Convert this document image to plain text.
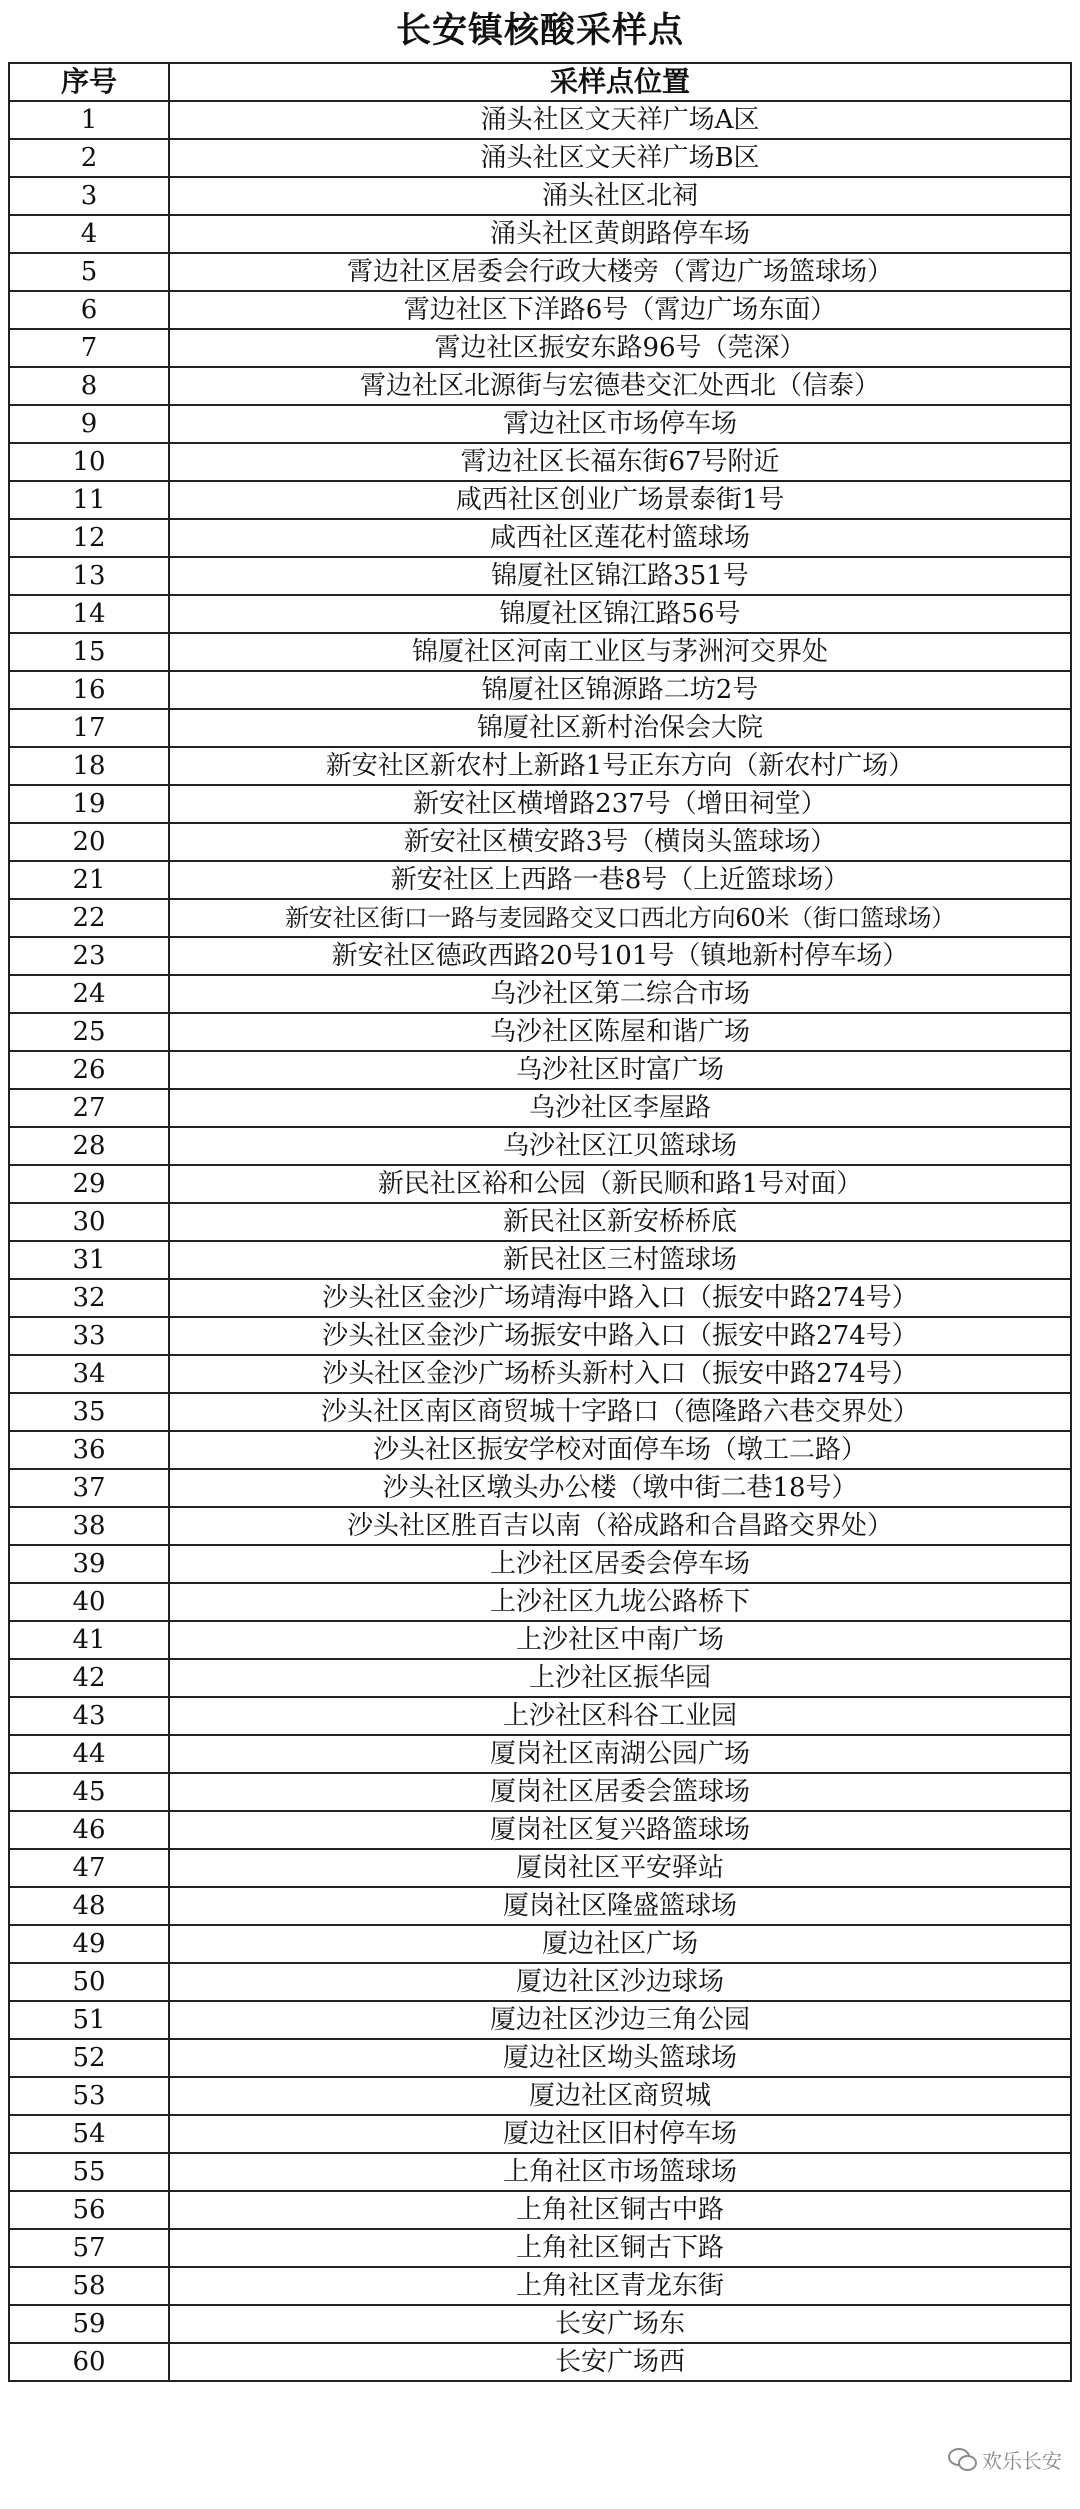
长安镇核酸采样点
序号	采样点位置
1	涌头社区文天祥广场A区
2	涌头社区文天祥广场B区
3	涌头社区北祠
4	涌头社区黄朗路停车场
5	霄边社区居委会行政大楼旁（霄边广场篮球场）
6	霄边社区下洋路6号（霄边广场东面）
7	霄边社区振安东路96号（莞深）
8	霄边社区北源街与宏德巷交汇处西北（信泰）
9	霄边社区市场停车场
10	霄边社区长福东街67号附近
11	咸西社区创业广场景泰街1号
12	咸西社区莲花村篮球场
13	锦厦社区锦江路351号
14	锦厦社区锦江路56号
15	锦厦社区河南工业区与茅洲河交界处
16	锦厦社区锦源路二坊2号
17	锦厦社区新村治保会大院
18	新安社区新农村上新路1号正东方向（新农村广场）
19	新安社区横增路237号（增田祠堂）
20	新安社区横安路3号（横岗头篮球场）
21	新安社区上西路一巷8号（上近篮球场）
22	新安社区街口一路与麦园路交叉口西北方向60米（街口篮球场）
23	新安社区德政西路20号101号（镇地新村停车场）
24	乌沙社区第二综合市场
25	乌沙社区陈屋和谐广场
26	乌沙社区时富广场
27	乌沙社区李屋路
28	乌沙社区江贝篮球场
29	新民社区裕和公园（新民顺和路1号对面）
30	新民社区新安桥桥底
31	新民社区三村篮球场
32	沙头社区金沙广场靖海中路入口（振安中路274号）
33	沙头社区金沙广场振安中路入口（振安中路274号）
34	沙头社区金沙广场桥头新村入口（振安中路274号）
35	沙头社区南区商贸城十字路口（德隆路六巷交界处）
36	沙头社区振安学校对面停车场（墩工二路）
37	沙头社区墩头办公楼（墩中街二巷18号）
38	沙头社区胜百吉以南（裕成路和合昌路交界处）
39	上沙社区居委会停车场
40	上沙社区九垅公路桥下
41	上沙社区中南广场
42	上沙社区振华园
43	上沙社区科谷工业园
44	厦岗社区南湖公园广场
45	厦岗社区居委会篮球场
46	厦岗社区复兴路篮球场
47	厦岗社区平安驿站
48	厦岗社区隆盛篮球场
49	厦边社区广场
50	厦边社区沙边球场
51	厦边社区沙边三角公园
52	厦边社区坳头篮球场
53	厦边社区商贸城
54	厦边社区旧村停车场
55	上角社区市场篮球场
56	上角社区铜古中路
57	上角社区铜古下路
58	上角社区青龙东街
59	长安广场东
60	长安广场西
欢乐长安
